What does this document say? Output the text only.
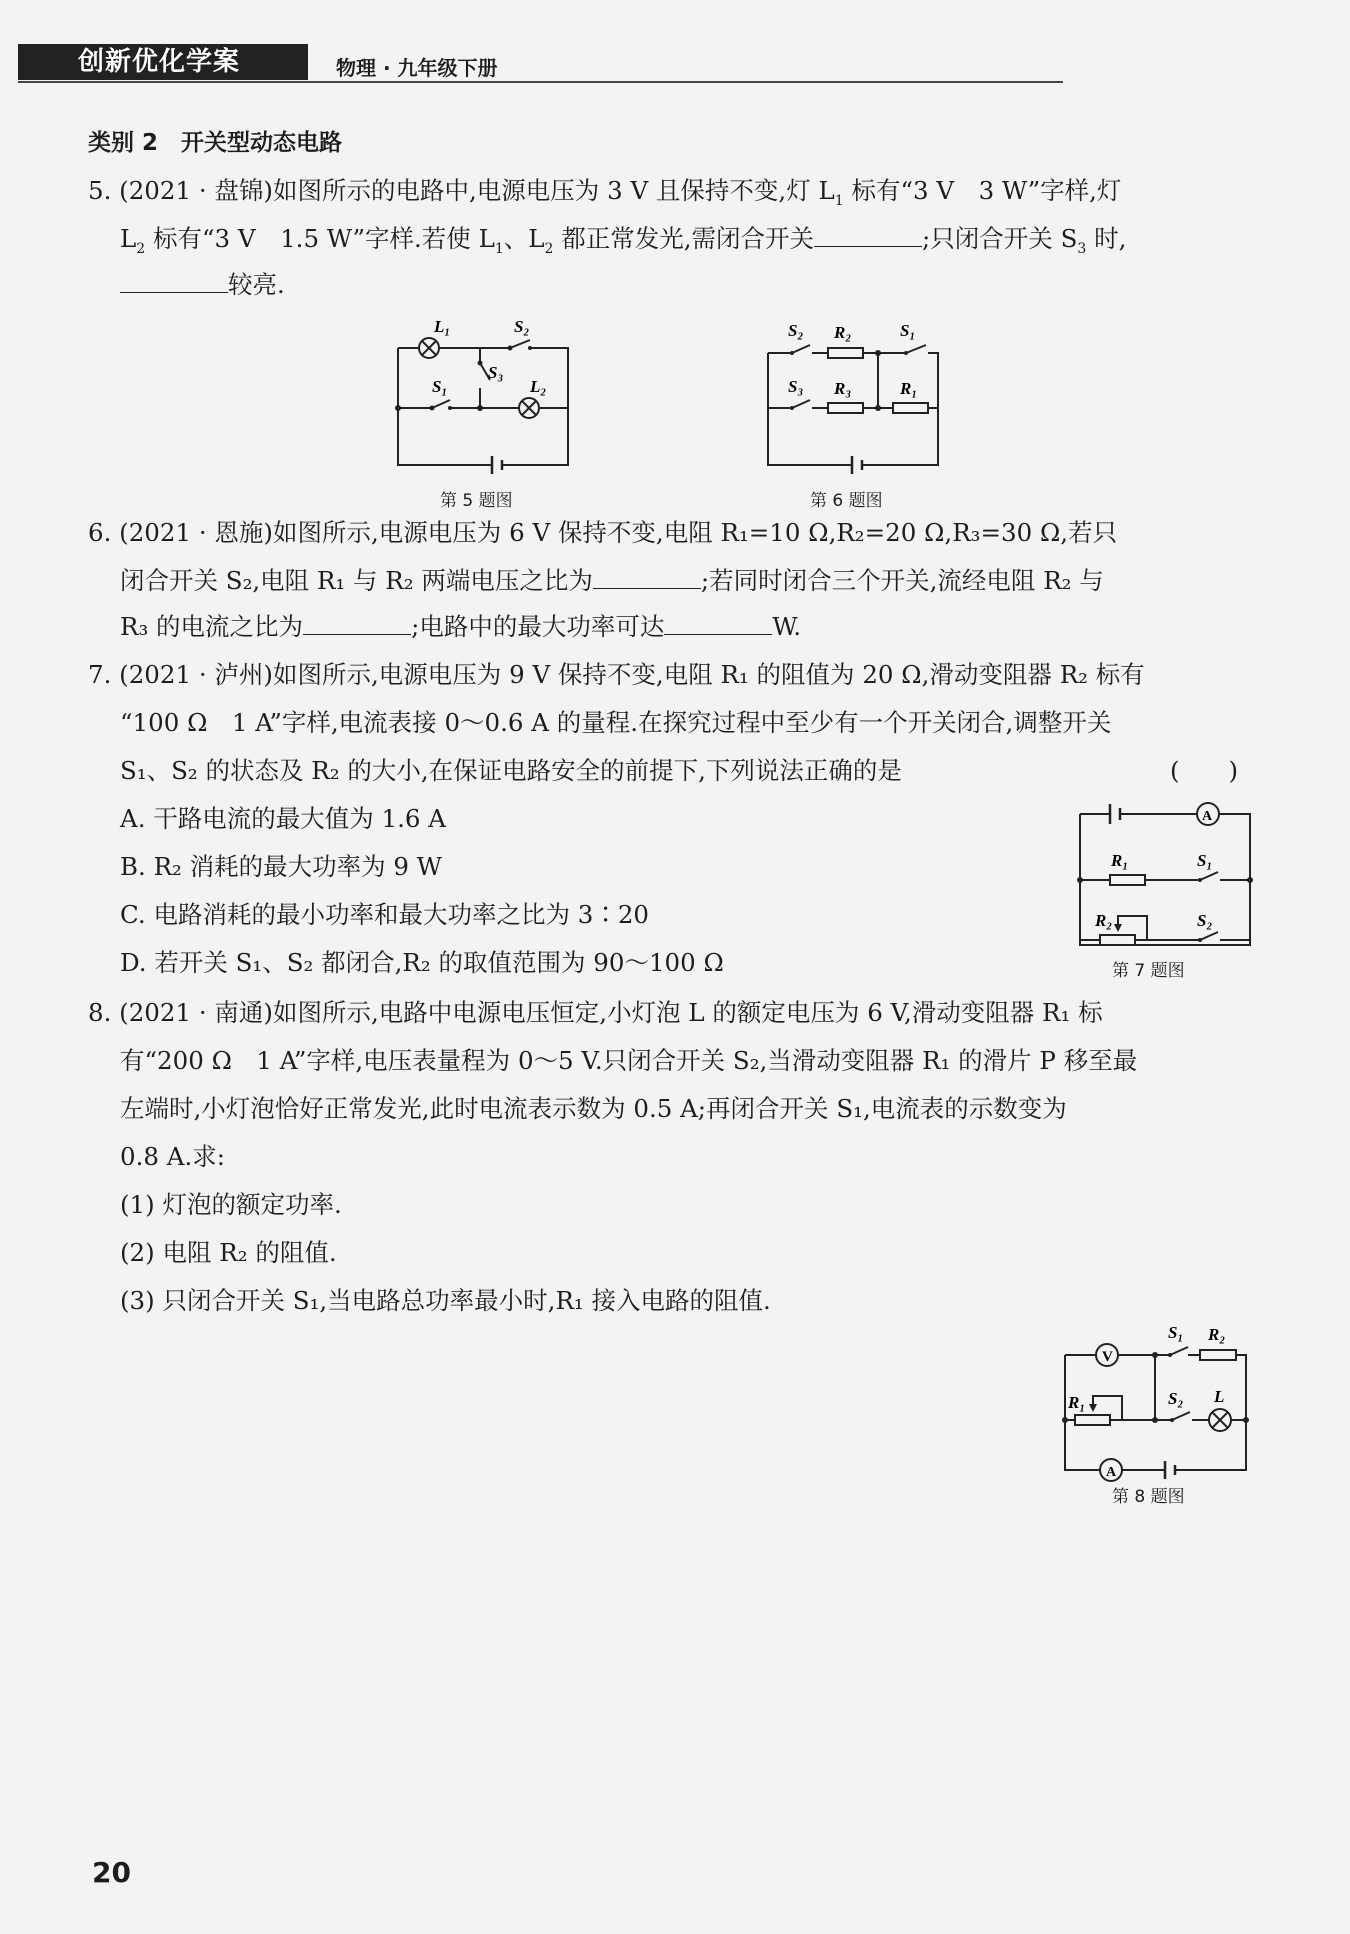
创新优化学案	物理 · 九年级下册
类别 2　开关型动态电路
5. (2021 · 盘锦)如图所示的电路中,电源电压为 3 V 且保持不变,灯 $L_1$ 标有“3 V　3 W”字样,灯
$L_2$ 标有“3 V　1.5 W”字样.若使 $L_1$、$L_2$ 都正常发光,需闭合开关	;只闭合开关 $S_3$ 时,
较亮.
L₁	S₂
S₃
L₂
S₁
第 5 题图
S₂ R₂	S₁
S₃ R₃	R₁
第 6 题图
6. (2021 · 恩施)如图所示,电源电压为 6 V 保持不变,电阻 R₁=10 Ω,R₂=20 Ω,R₃=30 Ω,若只
闭合开关 S₂,电阻 R₁ 与 R₂ 两端电压之比为	;若同时闭合三个开关,流经电阻 R₂ 与
R₃ 的电流之比为	;电路中的最大功率可达	W.
7. (2021 · 泸州)如图所示,电源电压为 9 V 保持不变,电阻 R₁ 的阻值为 20 Ω,滑动变阻器 R₂ 标有
“100 Ω　1 A”字样,电流表接 0～0.6 A 的量程.在探究过程中至少有一个开关闭合,调整开关
S₁、S₂ 的状态及 R₂ 的大小,在保证电路安全的前提下,下列说法正确的是	(　　)
A. 干路电流的最大值为 1.6 A
B. R₂ 消耗的最大功率为 9 W
C. 电路消耗的最小功率和最大功率之比为 3∶20
D. 若开关 S₁、S₂ 都闭合,R₂ 的取值范围为 90～100 Ω
A
R₁	S₁
R₂	S₂
第 7 题图
8. (2021 · 南通)如图所示,电路中电源电压恒定,小灯泡 L 的额定电压为 6 V,滑动变阻器 R₁ 标
有“200 Ω　1 A”字样,电压表量程为 0～5 V.只闭合开关 S₂,当滑动变阻器 R₁ 的滑片 P 移至最
左端时,小灯泡恰好正常发光,此时电流表示数为 0.5 A;再闭合开关 S₁,电流表的示数变为
0.8 A.求:
(1) 灯泡的额定功率.
(2) 电阻 R₂ 的阻值.
(3) 只闭合开关 S₁,当电路总功率最小时,R₁ 接入电路的阻值.
V
A
S₁ R₂
S₂ L
R₁
第 8 题图
20
